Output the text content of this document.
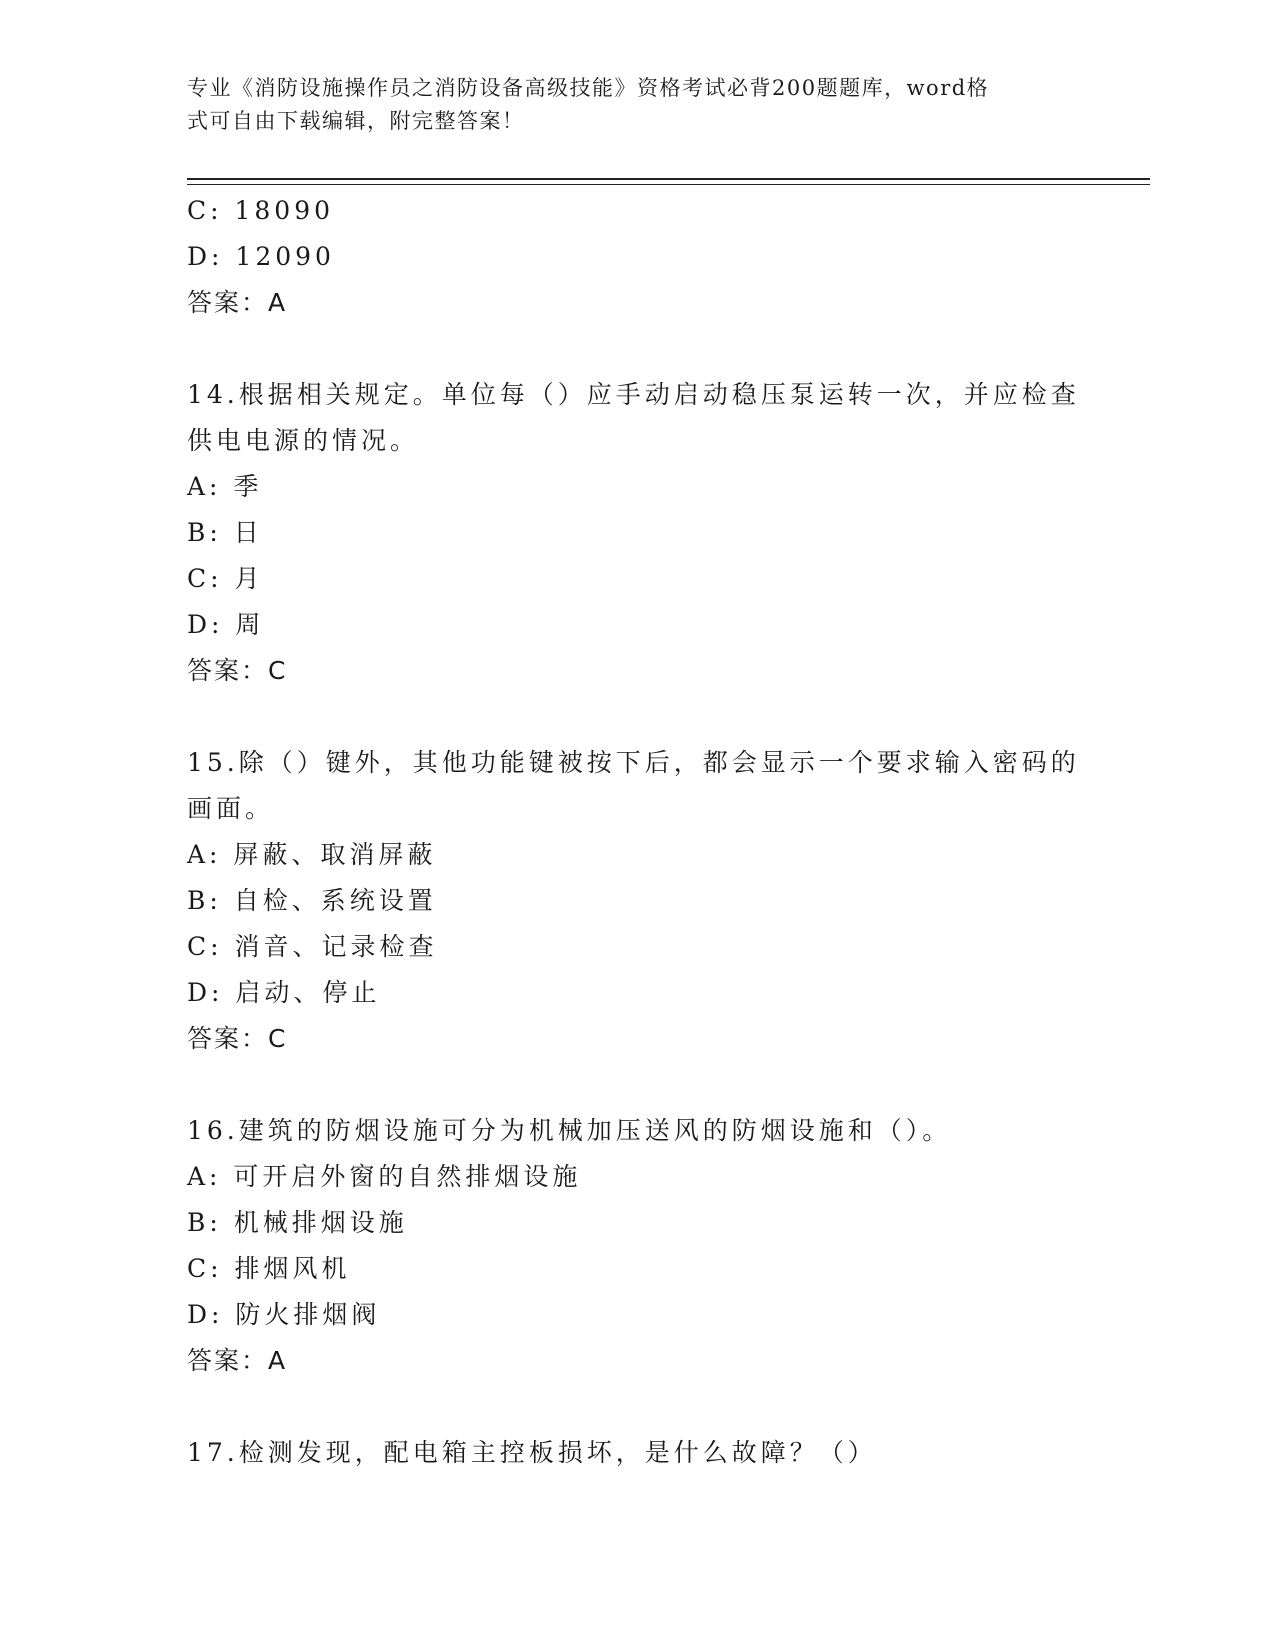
专业《消防设施操作员之消防设备高级技能》资格考试必背200题题库，word格
式可自由下载编辑，附完整答案！
C: 18090
D: 12090
答案：A
14.根据相关规定。单位每（）应手动启动稳压泵运转一次，并应检查
供电电源的情况。
A: 季
B: 日
C: 月
D: 周
答案：C
15.除（）键外，其他功能键被按下后，都会显示一个要求输入密码的
画面。
A: 屏蔽、取消屏蔽
B: 自检、系统设置
C: 消音、记录检查
D: 启动、停止
答案：C
16.建筑的防烟设施可分为机械加压送风的防烟设施和（）。
A: 可开启外窗的自然排烟设施
B: 机械排烟设施
C: 排烟风机
D: 防火排烟阀
答案：A
17.检测发现，配电箱主控板损坏，是什么故障？（）
